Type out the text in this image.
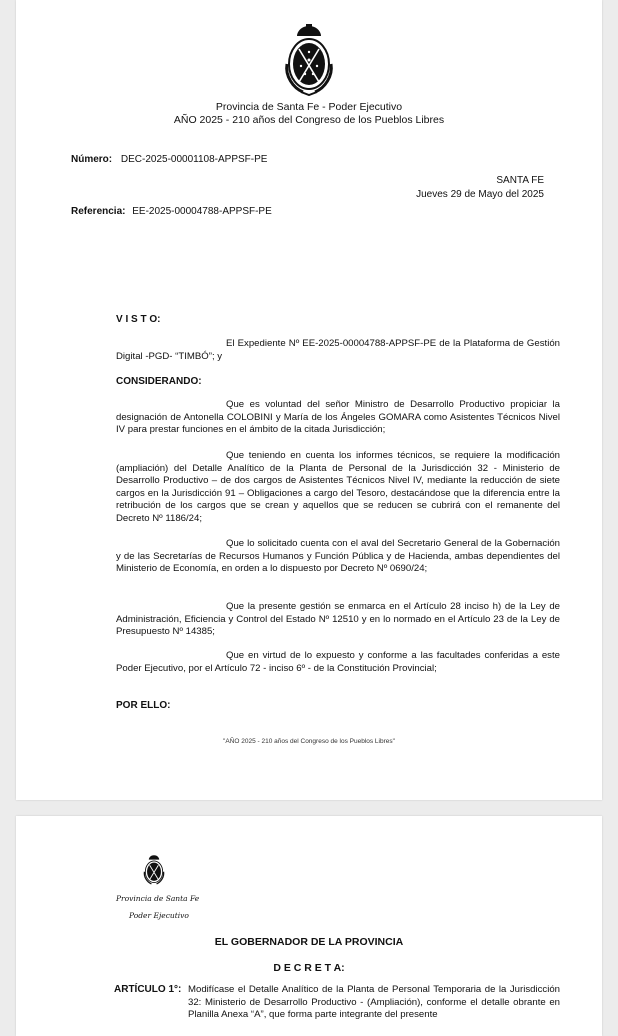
Provincia de Santa Fe - Poder Ejecutivo
AÑO 2025 - 210 años del Congreso de los Pueblos Libres
Número: DEC-2025-00001108-APPSF-PE
SANTA FE
Jueves 29 de Mayo del 2025
Referencia: EE-2025-00004788-APPSF-PE
V I S T O:
El Expediente Nº EE-2025-00004788-APPSF-PE de la Plataforma de Gestión Digital -PGD- “TIMBÓ”; y
CONSIDERANDO:
Que es voluntad del señor Ministro de Desarrollo Productivo propiciar la designación de Antonella COLOBINI y María de los Ángeles GOMARA como Asistentes Técnicos Nivel IV para prestar funciones en el ámbito de la citada Jurisdicción;
Que teniendo en cuenta los informes técnicos, se requiere la modificación (ampliación) del Detalle Analítico de la Planta de Personal de la Jurisdicción 32 - Ministerio de Desarrollo Productivo – de dos cargos de Asistentes Técnicos Nivel IV, mediante la reducción de siete cargos en la Jurisdicción 91 – Obligaciones a cargo del Tesoro, destacándose que la diferencia entre la retribución de los cargos que se crean y aquellos que se reducen se cubrirá con el remanente del Decreto Nº 1186/24;
Que lo solicitado cuenta con el aval del Secretario General de la Gobernación y de las Secretarías de Recursos Humanos y Función Pública y de Hacienda, ambas dependientes del Ministerio de Economía, en orden a lo dispuesto por Decreto Nº 0690/24;
Que la presente gestión se enmarca en el Artículo 28 inciso h) de la Ley de Administración, Eficiencia y Control del Estado Nº 12510 y en lo normado en el Artículo 23 de la Ley de Presupuesto Nº 14385;
Que en virtud de lo expuesto y conforme a las facultades conferidas a este Poder Ejecutivo, por el Artículo 72 - inciso 6º - de la Constitución Provincial;
POR ELLO:
"AÑO 2025 - 210 años del Congreso de los Pueblos Libres"
Provincia de Santa Fe
Poder Ejecutivo
EL GOBERNADOR DE LA PROVINCIA
D E C R E T A:
ARTÍCULO 1°: Modifícase el Detalle Analítico de la Planta de Personal Temporaria de la Jurisdicción 32: Ministerio de Desarrollo Productivo - (Ampliación), conforme el detalle obrante en Planilla Anexa “A”, que forma parte integrante del presente
